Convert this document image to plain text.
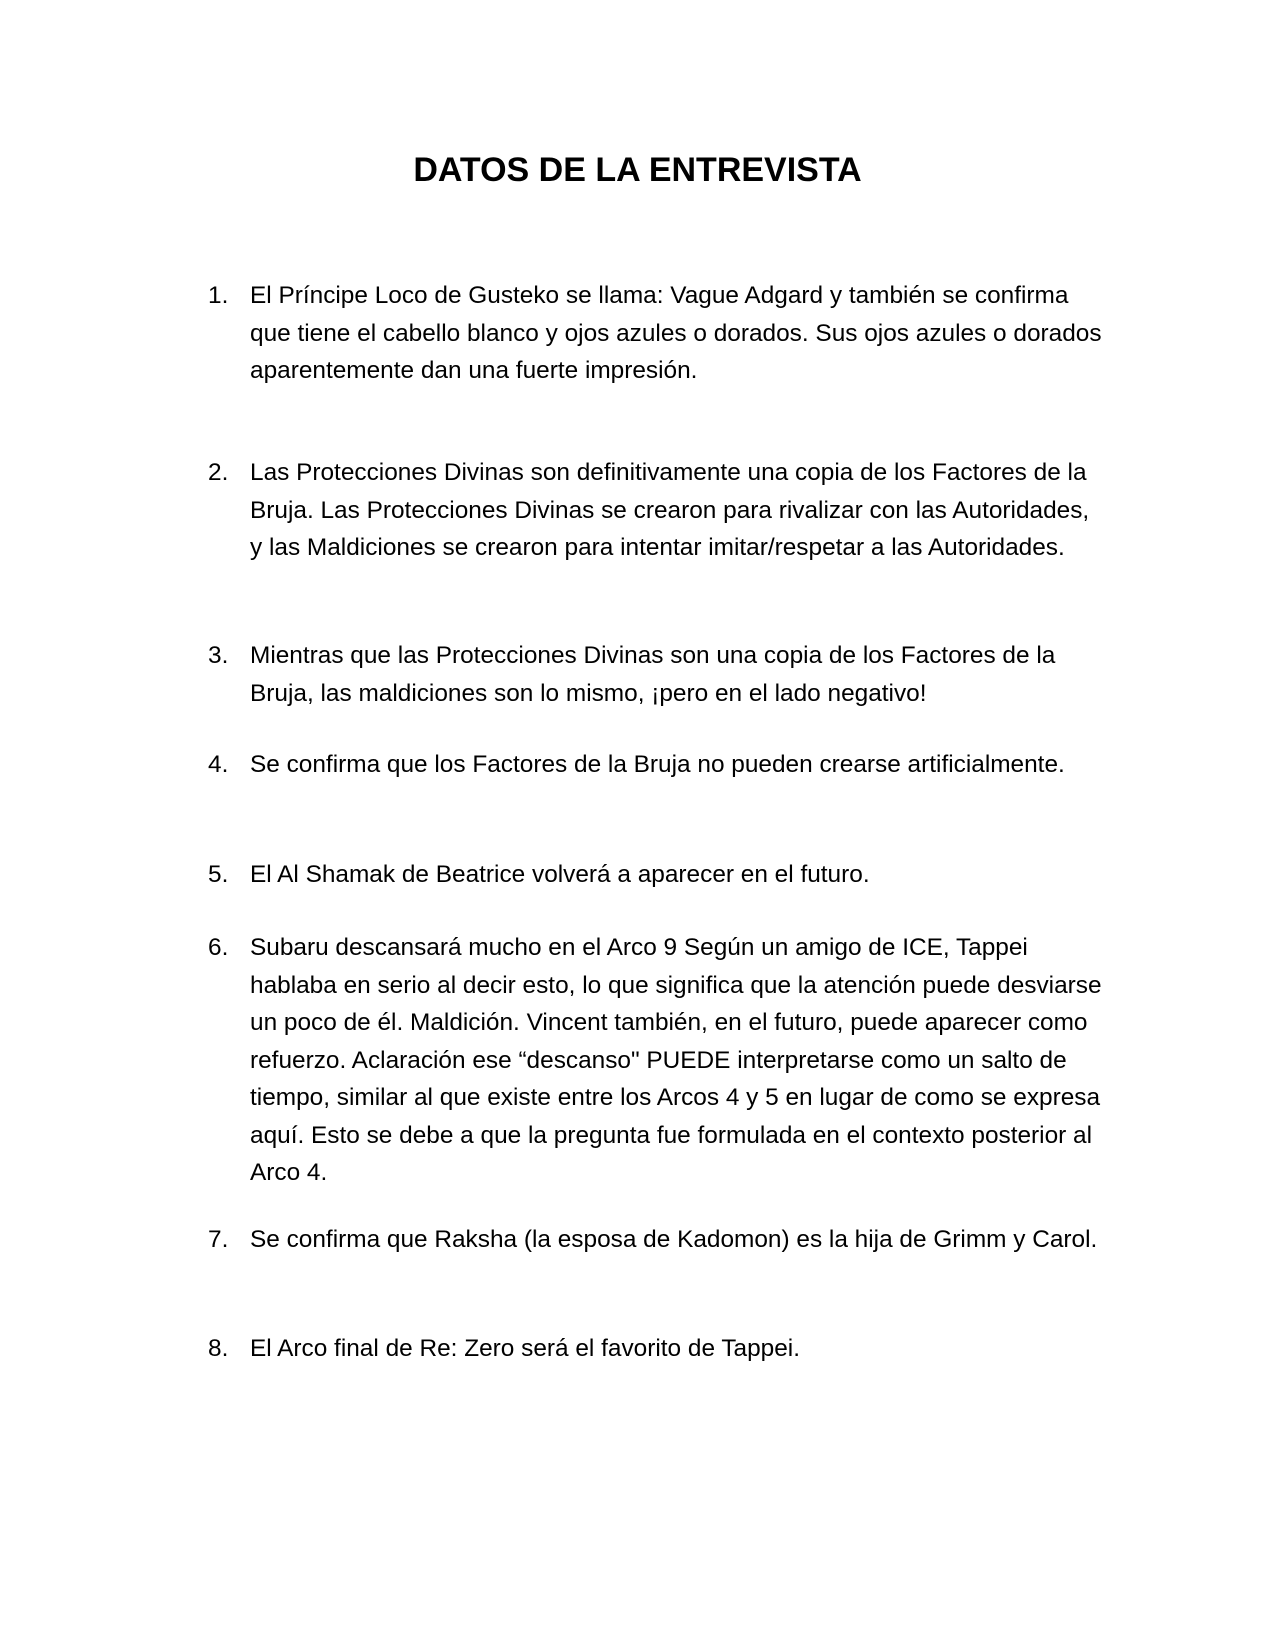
DATOS DE LA ENTREVISTA
1. El Príncipe Loco de Gusteko se llama: Vague Adgard y también se confirma que tiene el cabello blanco y ojos azules o dorados. Sus ojos azules o dorados aparentemente dan una fuerte impresión.
2. Las Protecciones Divinas son definitivamente una copia de los Factores de la Bruja. Las Protecciones Divinas se crearon para rivalizar con las Autoridades, y las Maldiciones se crearon para intentar imitar/respetar a las Autoridades.
3. Mientras que las Protecciones Divinas son una copia de los Factores de la Bruja, las maldiciones son lo mismo, ¡pero en el lado negativo!
4. Se confirma que los Factores de la Bruja no pueden crearse artificialmente.
5. El Al Shamak de Beatrice volverá a aparecer en el futuro.
6. Subaru descansará mucho en el Arco 9 Según un amigo de ICE, Tappei hablaba en serio al decir esto, lo que significa que la atención puede desviarse un poco de él. Maldición. Vincent también, en el futuro, puede aparecer como refuerzo. Aclaración ese “descanso" PUEDE interpretarse como un salto de tiempo, similar al que existe entre los Arcos 4 y 5 en lugar de como se expresa aquí. Esto se debe a que la pregunta fue formulada en el contexto posterior al Arco 4.
7. Se confirma que Raksha (la esposa de Kadomon) es la hija de Grimm y Carol.
8. El Arco final de Re: Zero será el favorito de Tappei.
